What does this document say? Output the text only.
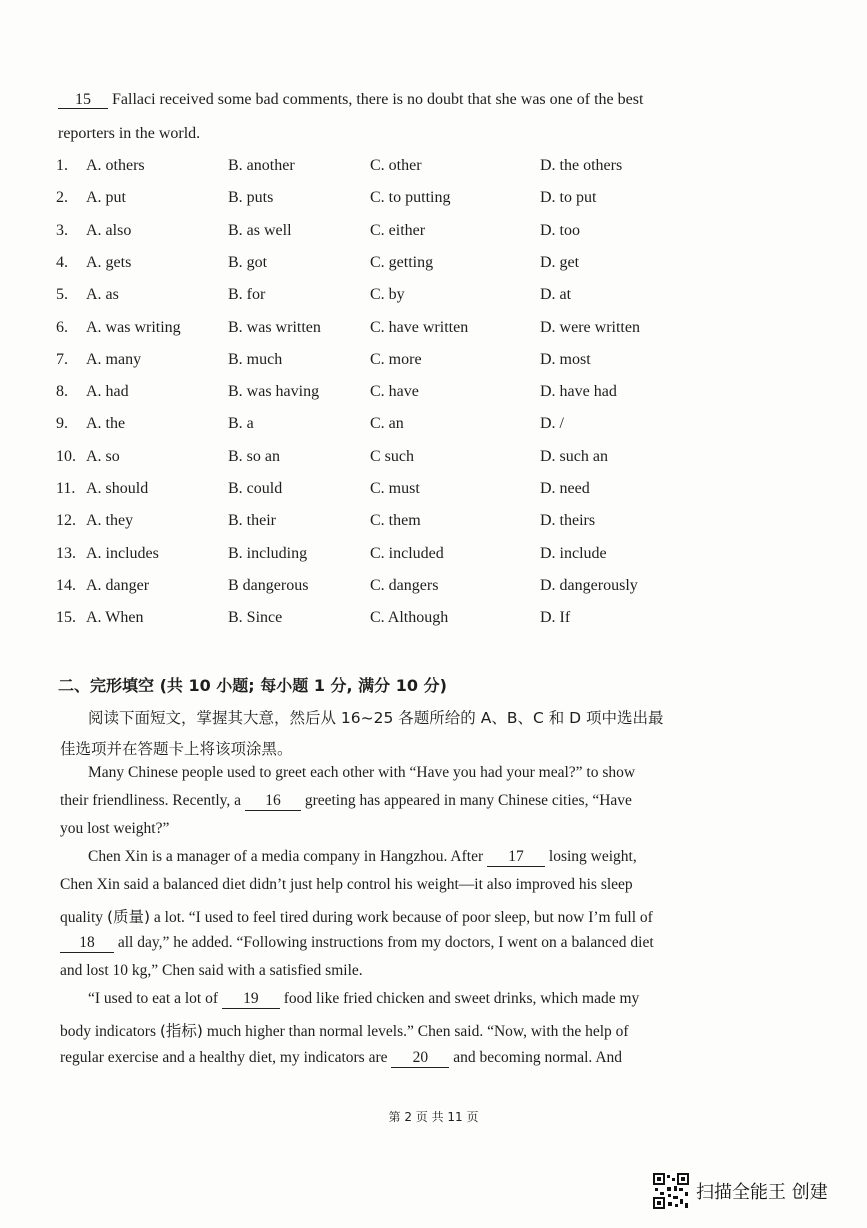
15 Fallaci received some bad comments, there is no doubt that she was one of the best
reporters in the world.
1. A. others	B. another	C. other	D. the others
2. A. put	B. puts	C. to putting	D. to put
3. A. also	B. as well	C. either	D. too
4. A. gets	B. got	C. getting	D. get
5. A. as	B. for	C. by	D. at
6. A. was writing	B. was written	C. have written	D. were written
7. A. many	B. much	C. more	D. most
8. A. had	B. was having	C. have	D. have had
9. A. the	B. a	C. an	D. /
10. A. so	B. so an	C such	D. such an
11. A. should	B. could	C. must	D. need
12. A. they	B. their	C. them	D. theirs
13. A. includes	B. including	C. included	D. include
14. A. danger	B dangerous	C. dangers	D. dangerously
15. A. When	B. Since	C. Although	D. If
二、完形填空 (共 10 小题; 每小题 1 分, 满分 10 分)
阅读下面短文，掌握其大意，然后从 16~25 各题所给的 A、B、C 和 D 项中选出最
佳选项并在答题卡上将该项涂黑。
Many Chinese people used to greet each other with “Have you had your meal?” to show
their friendliness. Recently, a 16 greeting has appeared in many Chinese cities, “Have
you lost weight?”
Chen Xin is a manager of a media company in Hangzhou. After 17 losing weight,
Chen Xin said a balanced diet didn’t just help control his weight—it also improved his sleep
quality (质量) a lot. “I used to feel tired during work because of poor sleep, but now I’m full of
18 all day,” he added. “Following instructions from my doctors, I went on a balanced diet
and lost 10 kg,” Chen said with a satisfied smile.
“I used to eat a lot of 19 food like fried chicken and sweet drinks, which made my
body indicators (指标) much higher than normal levels.” Chen said. “Now, with the help of
regular exercise and a healthy diet, my indicators are 20 and becoming normal. And
第 2 页 共 11 页
扫描全能王 创建
